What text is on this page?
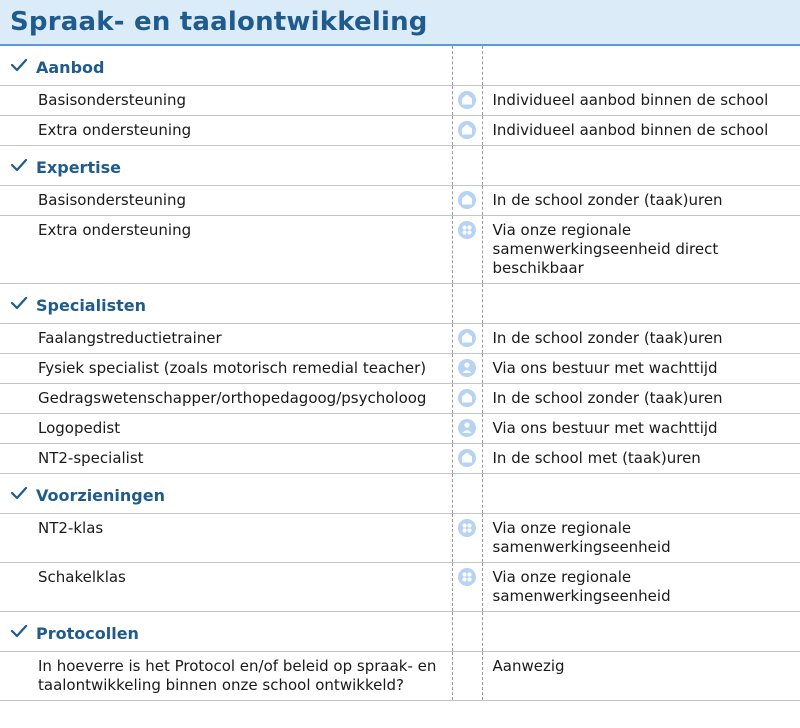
Spraak- en taalontwikkeling
Aanbod		
Basisondersteuning		Individueel aanbod binnen de school
Extra ondersteuning		Individueel aanbod binnen de school
Expertise		
Basisondersteuning		In de school zonder (taak)uren
Extra ondersteuning		Via onze regionale samenwerkingseenheid direct beschikbaar
Specialisten		
Faalangstreductietrainer		In de school zonder (taak)uren
Fysiek specialist (zoals motorisch remedial teacher)		Via ons bestuur met wachttijd
Gedragswetenschapper/orthopedagoog/psycholoog		In de school zonder (taak)uren
Logopedist		Via ons bestuur met wachttijd
NT2-specialist		In de school met (taak)uren
Voorzieningen		
NT2-klas		Via onze regionale samenwerkingseenheid
Schakelklas		Via onze regionale samenwerkingseenheid
Protocollen		
In hoeverre is het Protocol en/of beleid op spraak- en taalontwikkeling binnen onze school ontwikkeld?		Aanwezig
